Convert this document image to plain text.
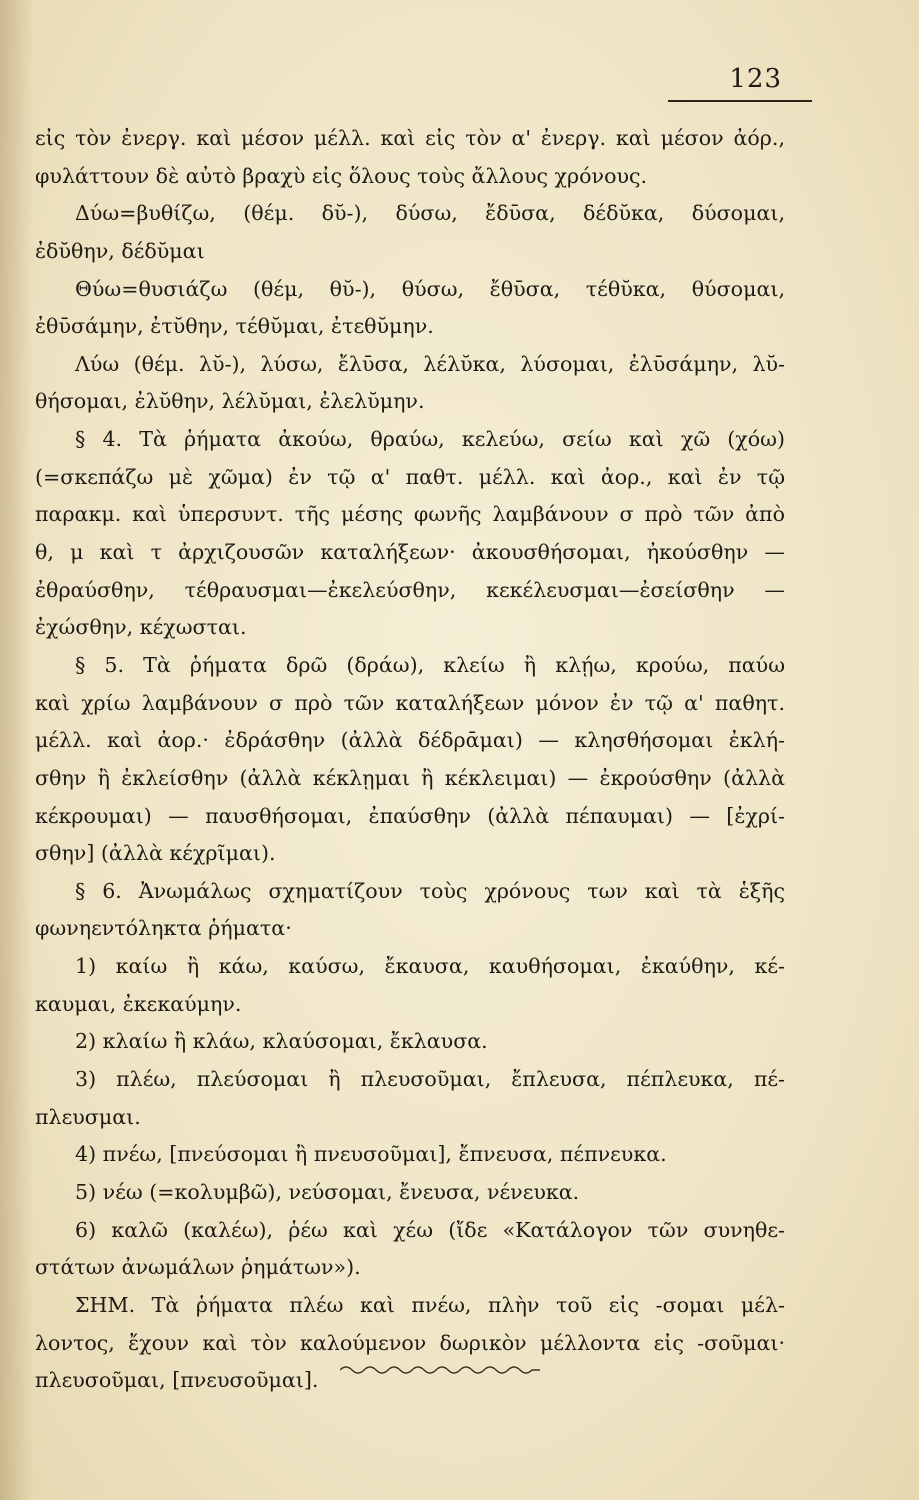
123
εἰς τὸν ἐνεργ. καὶ μέσον μέλλ. καὶ εἰς τὸν α' ἐνεργ. καὶ μέσον ἀόρ.,
φυλάττουν δὲ αὐτὸ βραχὺ εἰς ὅλους τοὺς ἄλλους χρόνους.
Δύω=βυθίζω, (θέμ. δῠ-), δύσω, ἔδῡσα, δέδῠκα, δύσομαι,
ἐδῠθην, δέδῠμαι
Θύω=θυσιάζω (θέμ, θῠ-), θύσω, ἔθῡσα, τέθῠκα, θύσομαι,
ἐθῡσάμην, ἐτῠθην, τέθῠμαι, ἐτεθῠμην.
Λύω (θέμ. λῠ-), λύσω, ἔλῡσα, λέλῠκα, λύσομαι, ἐλῡσάμην, λῠ-
θήσομαι, ἐλῠθην, λέλῠμαι, ἐλελῠμην.
§ 4. Τὰ ῥήματα ἀκούω, θραύω, κελεύω, σείω καὶ χῶ (χόω)
(=σκεπάζω μὲ χῶμα) ἐν τῷ α' παθτ. μέλλ. καὶ ἀορ., καὶ ἐν τῷ
παρακμ. καὶ ὑπερσυντ. τῆς μέσης φωνῆς λαμβάνουν σ πρὸ τῶν ἀπὸ
θ, μ καὶ τ ἀρχιζουσῶν καταλήξεων· ἀκουσθήσομαι, ἠκούσθην —
ἐθραύσθην, τέθραυσμαι—ἐκελεύσθην, κεκέλευσμαι—ἐσείσθην —
ἐχώσθην, κέχωσται.
§ 5. Τὰ ῥήματα δρῶ (δράω), κλείω ἢ κλῄω, κρούω, παύω
καὶ χρίω λαμβάνουν σ πρὸ τῶν καταλήξεων μόνον ἐν τῷ α' παθητ.
μέλλ. καὶ ἀορ.· ἐδράσθην (ἀλλὰ δέδρᾱμαι) — κλησθήσομαι ἐκλή-
σθην ἢ ἐκλείσθην (ἀλλὰ κέκλῃμαι ἢ κέκλειμαι) — ἐκρούσθην (ἀλλὰ
κέκρουμαι) — παυσθήσομαι, ἐπαύσθην (ἀλλὰ πέπαυμαι) — [ἐχρί-
σθην] (ἀλλὰ κέχρῖμαι).
§ 6. Ἀνωμάλως σχηματίζουν τοὺς χρόνους των καὶ τὰ ἑξῆς
φωνηεντόληκτα ῥήματα·
1) καίω ἢ κάω, καύσω, ἔκαυσα, καυθήσομαι, ἐκαύθην, κέ-
καυμαι, ἐκεκαύμην.
2) κλαίω ἢ κλάω, κλαύσομαι, ἔκλαυσα.
3) πλέω, πλεύσομαι ἢ πλευσοῦμαι, ἔπλευσα, πέπλευκα, πέ-
πλευσμαι.
4) πνέω, [πνεύσομαι ἢ πνευσοῦμαι], ἔπνευσα, πέπνευκα.
5) νέω (=κολυμβῶ), νεύσομαι, ἔνευσα, νένευκα.
6) καλῶ (καλέω), ῥέω καὶ χέω (ἴδε «Κατάλογον τῶν συνηθε-
στάτων ἀνωμάλων ῥημάτων»).
ΣΗΜ. Τὰ ῥήματα πλέω καὶ πνέω, πλὴν τοῦ εἰς -σομαι μέλ-
λοντος, ἔχουν καὶ τὸν καλούμενον δωρικὸν μέλλοντα εἰς -σοῦμαι·
πλευσοῦμαι, [πνευσοῦμαι].
